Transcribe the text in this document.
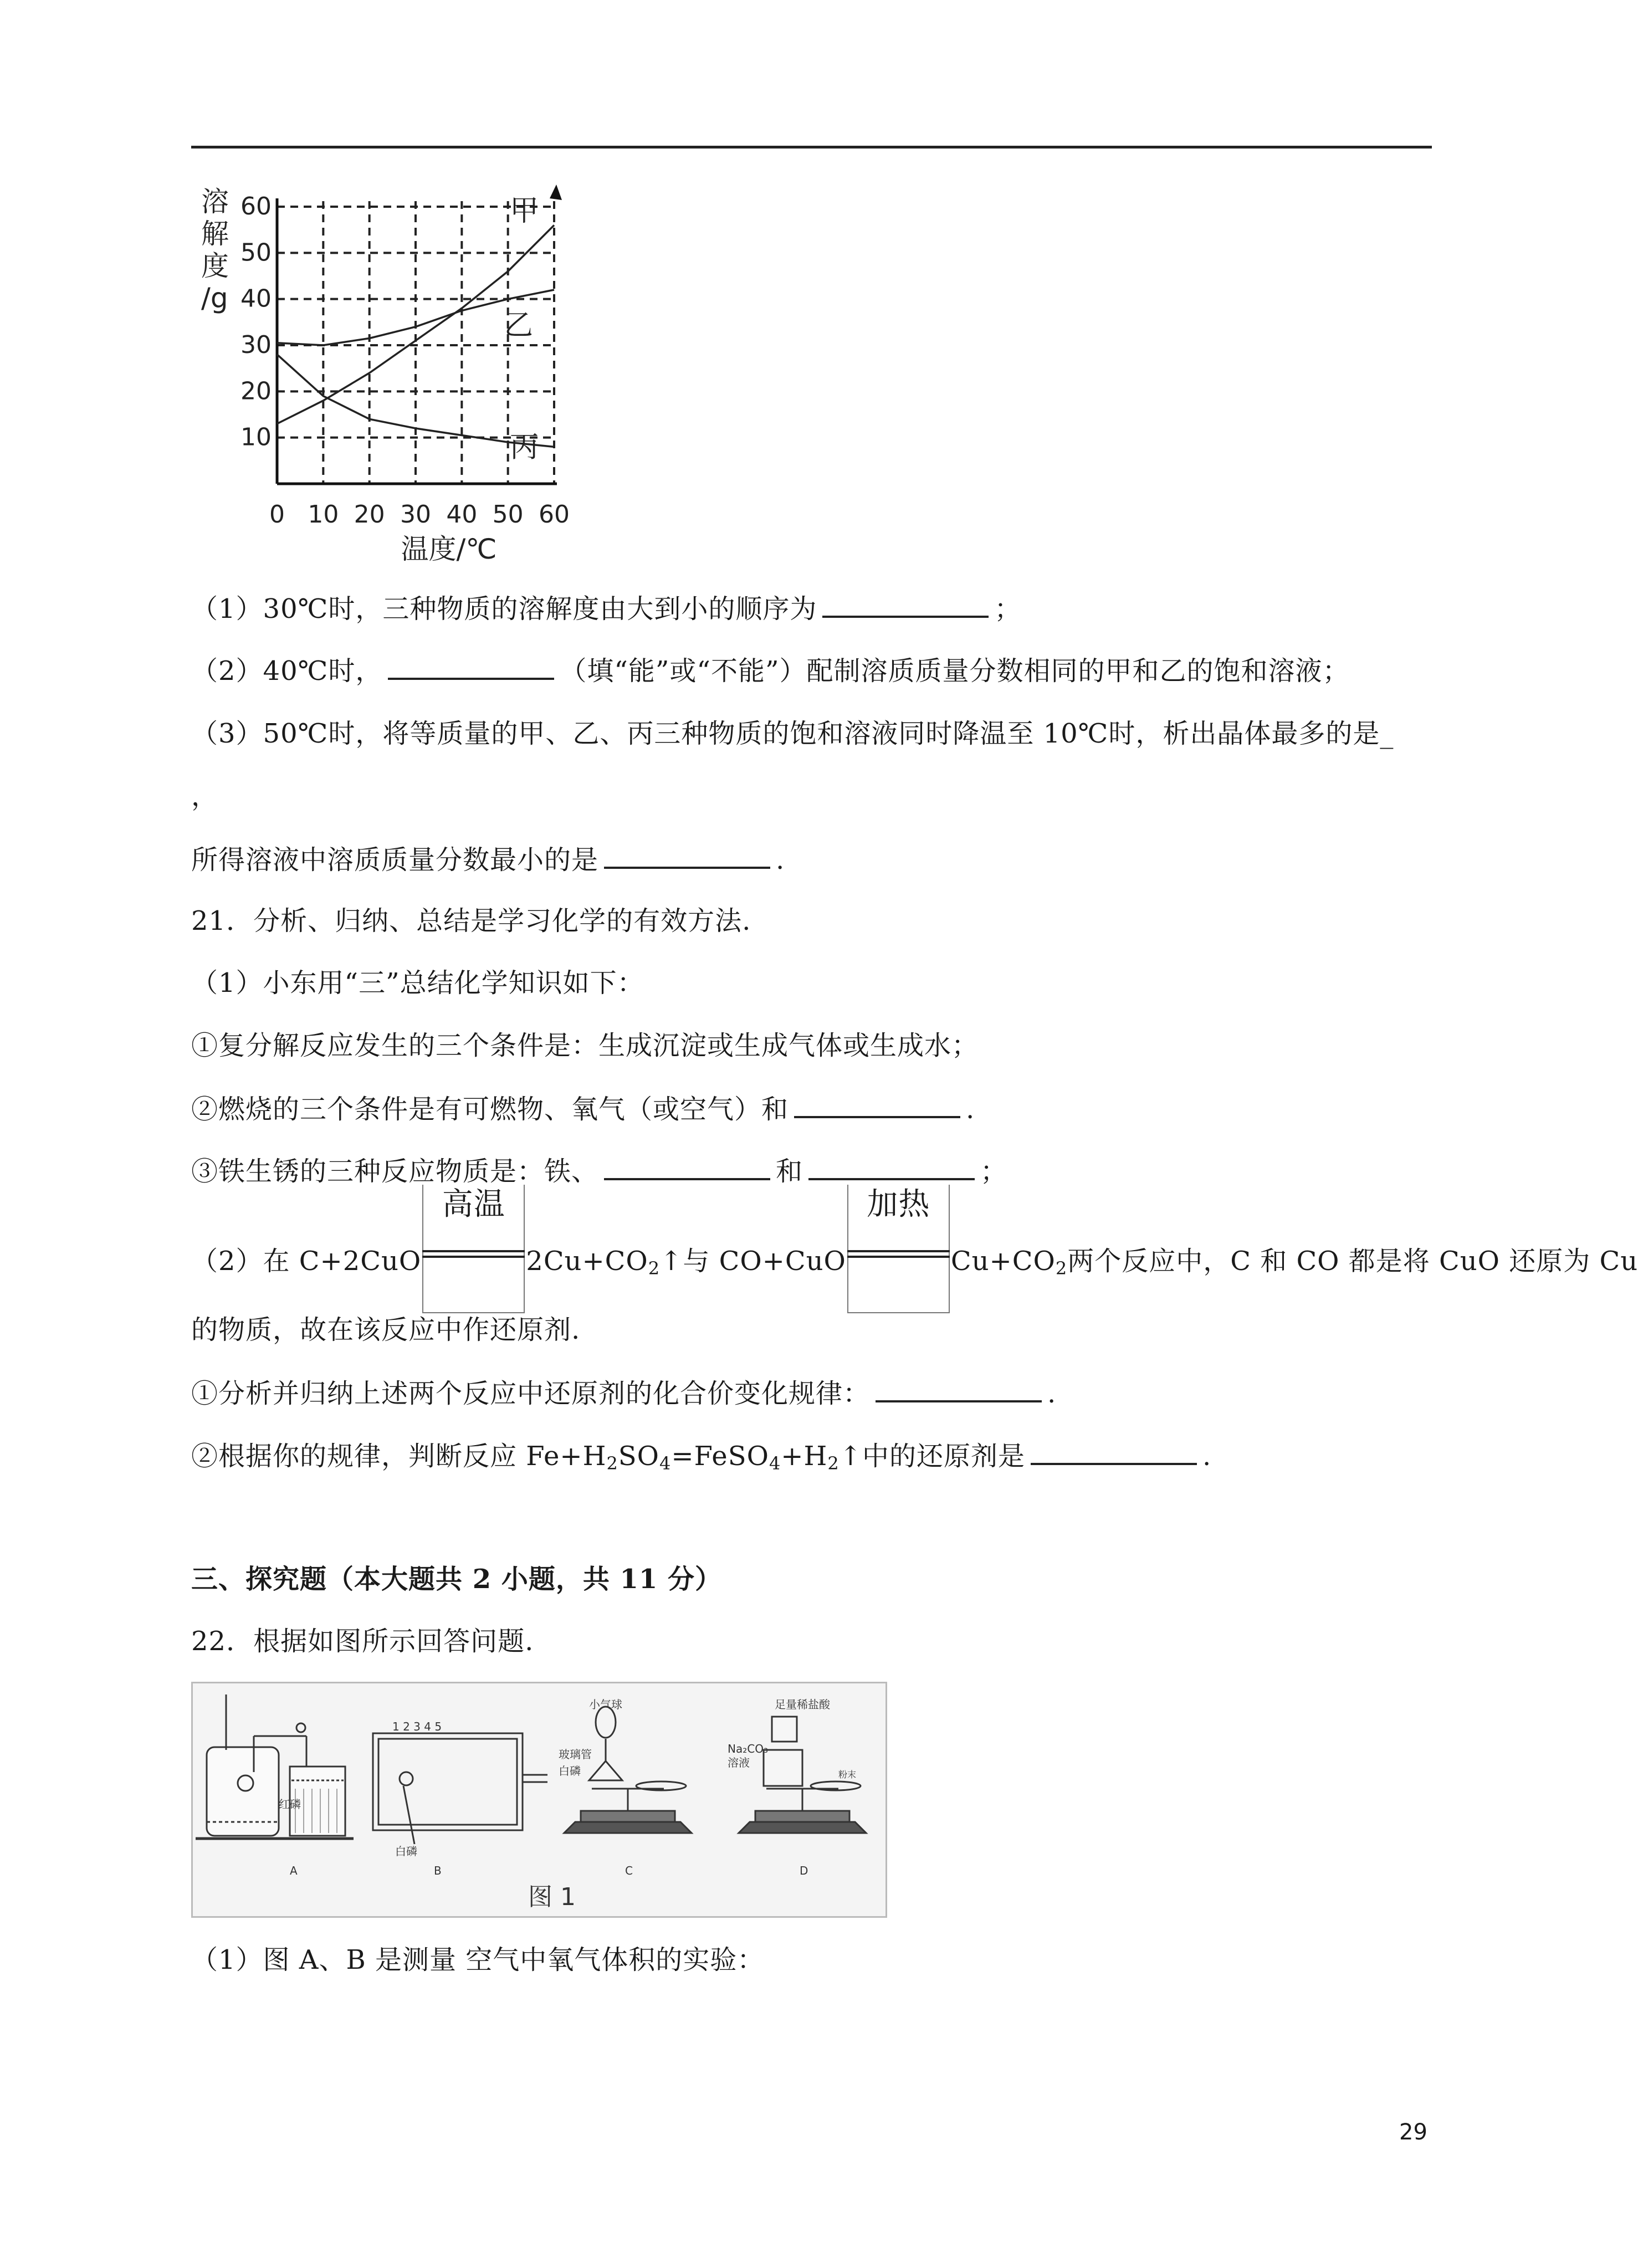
10
20
30
40
50
60
0 10 20 30 40 50 60
溶
解
度
/g
温度/℃
甲
乙
丙
（1）30℃时，三种物质的溶解度由大到小的顺序为	；
（2）40℃时，	（填“能”或“不能”）配制溶质质量分数相同的甲和乙的饱和溶液；
（3）50℃时，将等质量的甲、乙、丙三种物质的饱和溶液同时降温至 10℃时，析出晶体最多的是_
，
所得溶液中溶质质量分数最小的是	.
21．分析、归纳、总结是学习化学的有效方法.
（1）小东用“三”总结化学知识如下：
①复分解反应发生的三个条件是：生成沉淀或生成气体或生成水；
②燃烧的三个条件是有可燃物、氧气（或空气）和	.
③铁生锈的三种反应物质是：铁、	和	；
（2）在 C+2CuO
高温
$2Cu+CO_2↑$与 CO+CuO
加热
$Cu+CO_2$两个反应中，C 和 CO 都是将 CuO 还原为 Cu
的物质，故在该反应中作还原剂.
①分析并归纳上述两个反应中还原剂的化合价变化规律：	.
②根据你的规律，判断反应 $Fe+H_2SO_4=FeSO_4+H_2↑$中的还原剂是	.
三、探究题（本大题共 2 小题，共 11 分）
22．根据如图所示回答问题.
红磷
1 2 3 4 5
白磷
小气球
玻璃管
白磷
足量稀盐酸
Na₂CO₃
溶液
粉末
A	B	C	D
图 1
（1）图 A、B 是测量 空气中氧气体积的实验：
29
